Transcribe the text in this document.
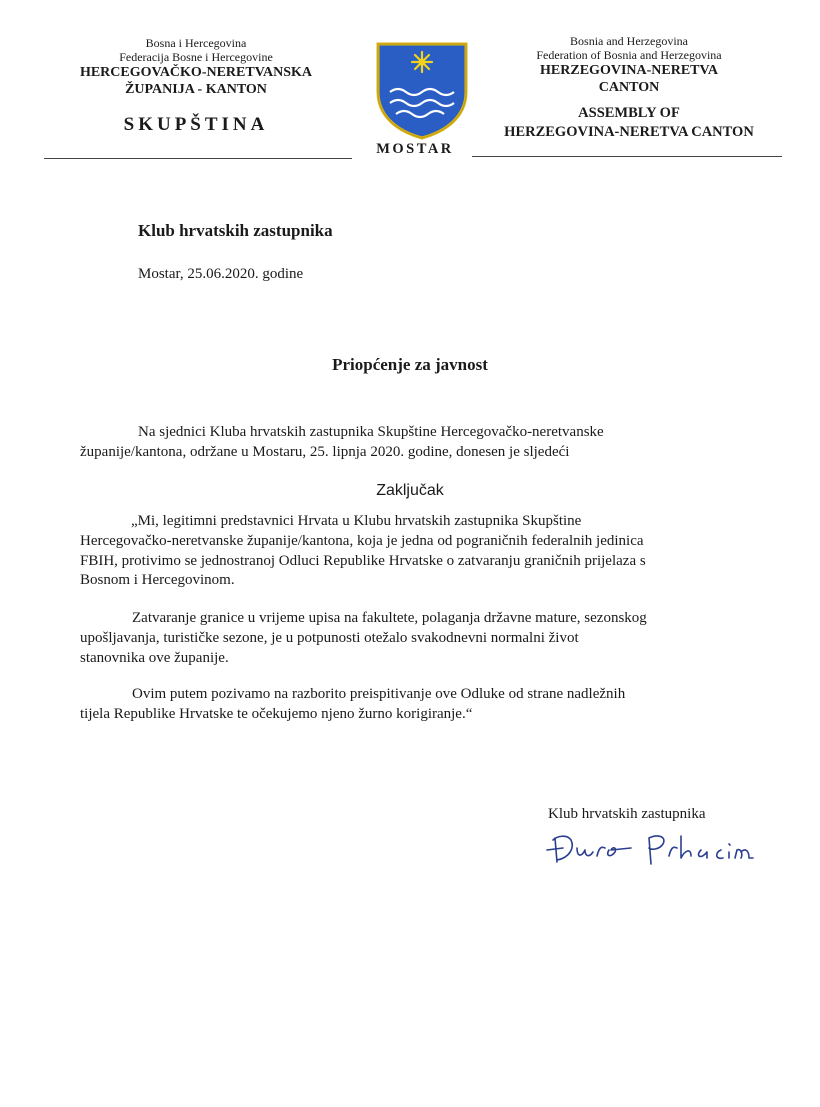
Bosna i Hercegovina
Federacija Bosne i Hercegovine
HERCEGOVAČKO-NERETVANSKA
ŽUPANIJA - KANTON
SKUPŠTINA
MOSTAR
Bosnia and Herzegovina
Federation of Bosnia and Herzegovina
HERZEGOVINA-NERETVA
CANTON
ASSEMBLY OF
HERZEGOVINA-NERETVA CANTON
Klub hrvatskih zastupnika
Mostar, 25.06.2020. godine
Priopćenje za javnost
Na sjednici Kluba hrvatskih zastupnika Skupštine Hercegovačko-neretvanske
županije/kantona, održane u Mostaru, 25. lipnja 2020. godine, donesen je sljedeći
Zaključak
„Mi, legitimni predstavnici Hrvata u Klubu hrvatskih zastupnika Skupštine
Hercegovačko-neretvanske županije/kantona, koja je jedna od pograničnih federalnih jedinica
FBIH, protivimo se jednostranoj Odluci Republike Hrvatske o zatvaranju graničnih prijelaza s
Bosnom i Hercegovinom.
Zatvaranje granice u vrijeme upisa na fakultete, polaganja državne mature, sezonskog
upošljavanja, turističke sezone, je u potpunosti otežalo svakodnevni normalni život
stanovnika ove županije.
Ovim putem pozivamo na razborito preispitivanje ove Odluke od strane nadležnih
tijela Republike Hrvatske te očekujemo njeno žurno korigiranje.“
Klub hrvatskih zastupnika
